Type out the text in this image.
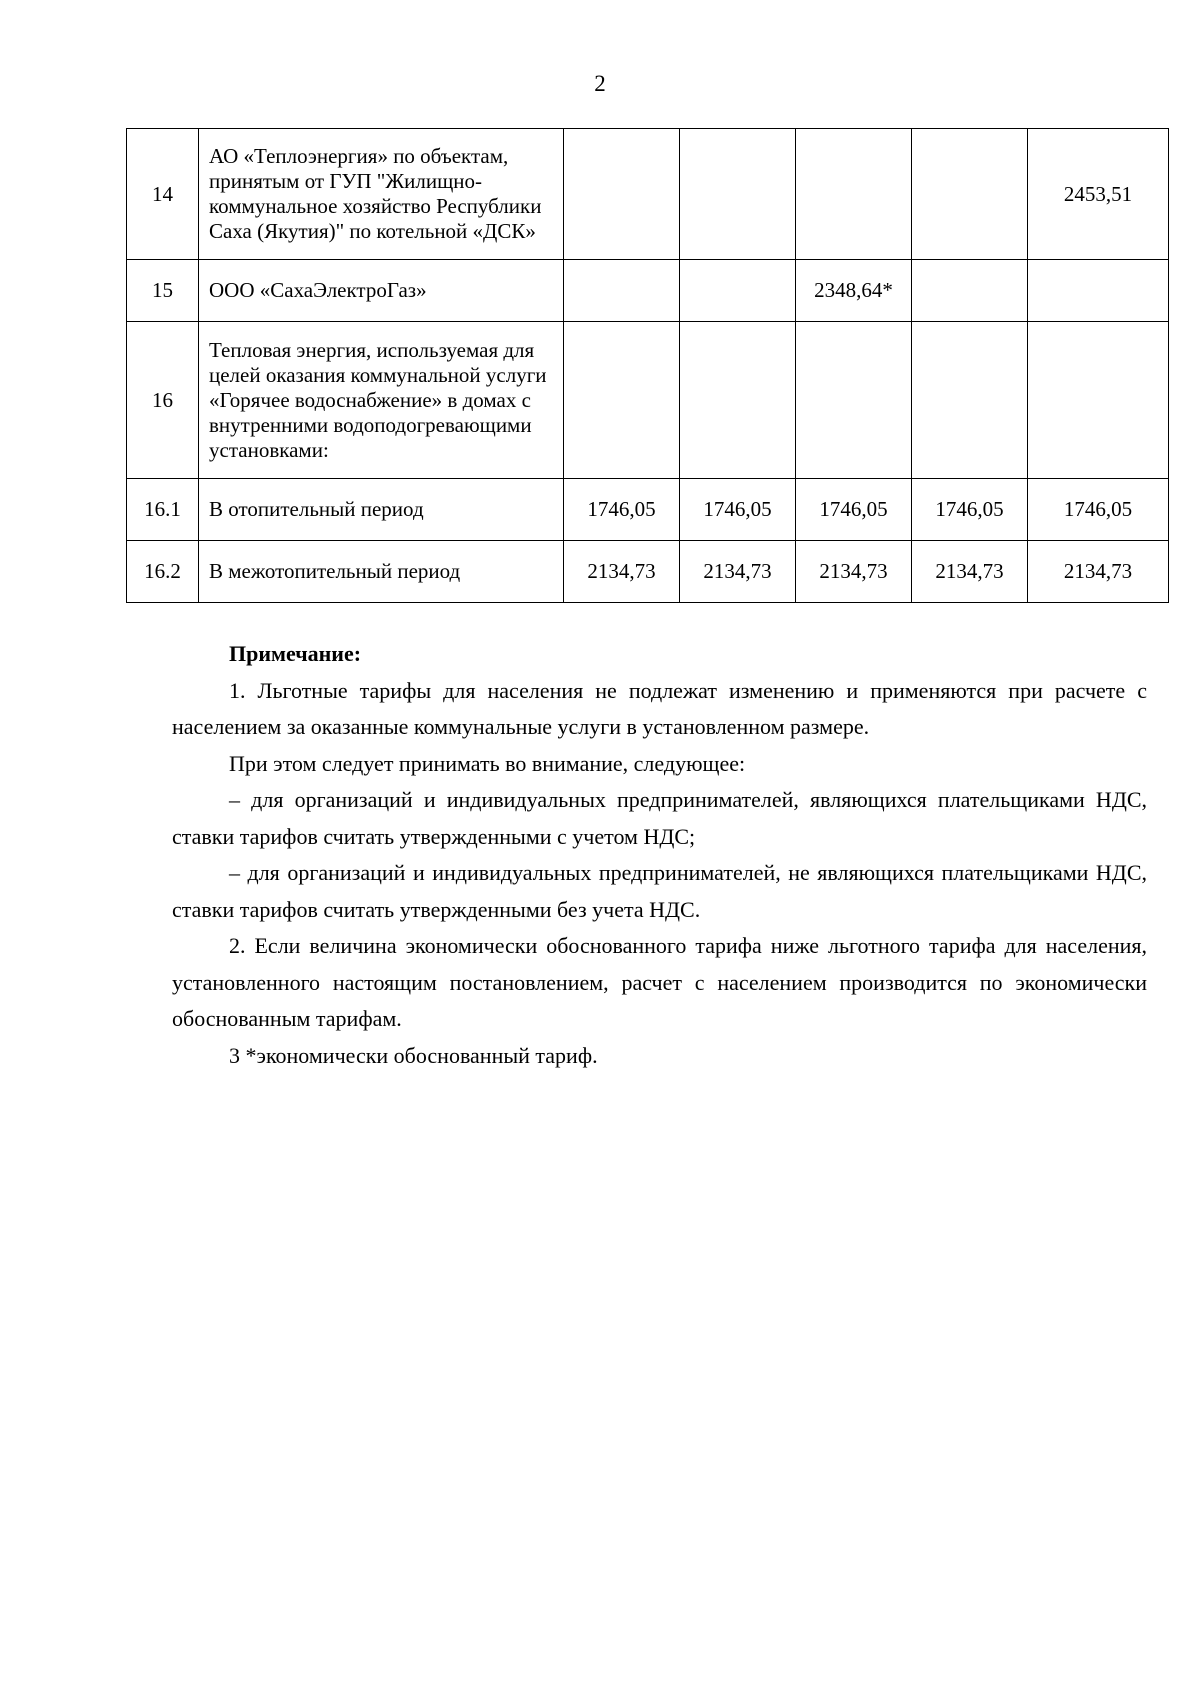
2
14	АО «Теплоэнергия» по объектам, принятым от ГУП "Жилищно-коммунальное хозяйство Республики Саха (Якутия)" по котельной «ДСК»					2453,51
15	ООО «СахаЭлектроГаз»			2348,64*		
16	Тепловая энергия, используемая для целей оказания коммунальной услуги «Горячее водоснабжение» в домах с внутренними водоподогревающими установками:					
16.1	В отопительный период	1746,05	1746,05	1746,05	1746,05	1746,05
16.2	В межотопительный период	2134,73	2134,73	2134,73	2134,73	2134,73

Примечание:

1. Льготные тарифы для населения не подлежат изменению и применяются при расчете с населением за оказанные коммунальные услуги в установленном размере.

При этом следует принимать во внимание, следующее:

– для организаций и индивидуальных предпринимателей, являющихся плательщиками НДС, ставки тарифов считать утвержденными с учетом НДС;

– для организаций и индивидуальных предпринимателей, не являющихся плательщиками НДС, ставки тарифов считать утвержденными без учета НДС.

2. Если величина экономически обоснованного тарифа ниже льготного тарифа для населения, установленного настоящим постановлением, расчет с населением производится по экономически обоснованным тарифам.

3 *экономически обоснованный тариф.
